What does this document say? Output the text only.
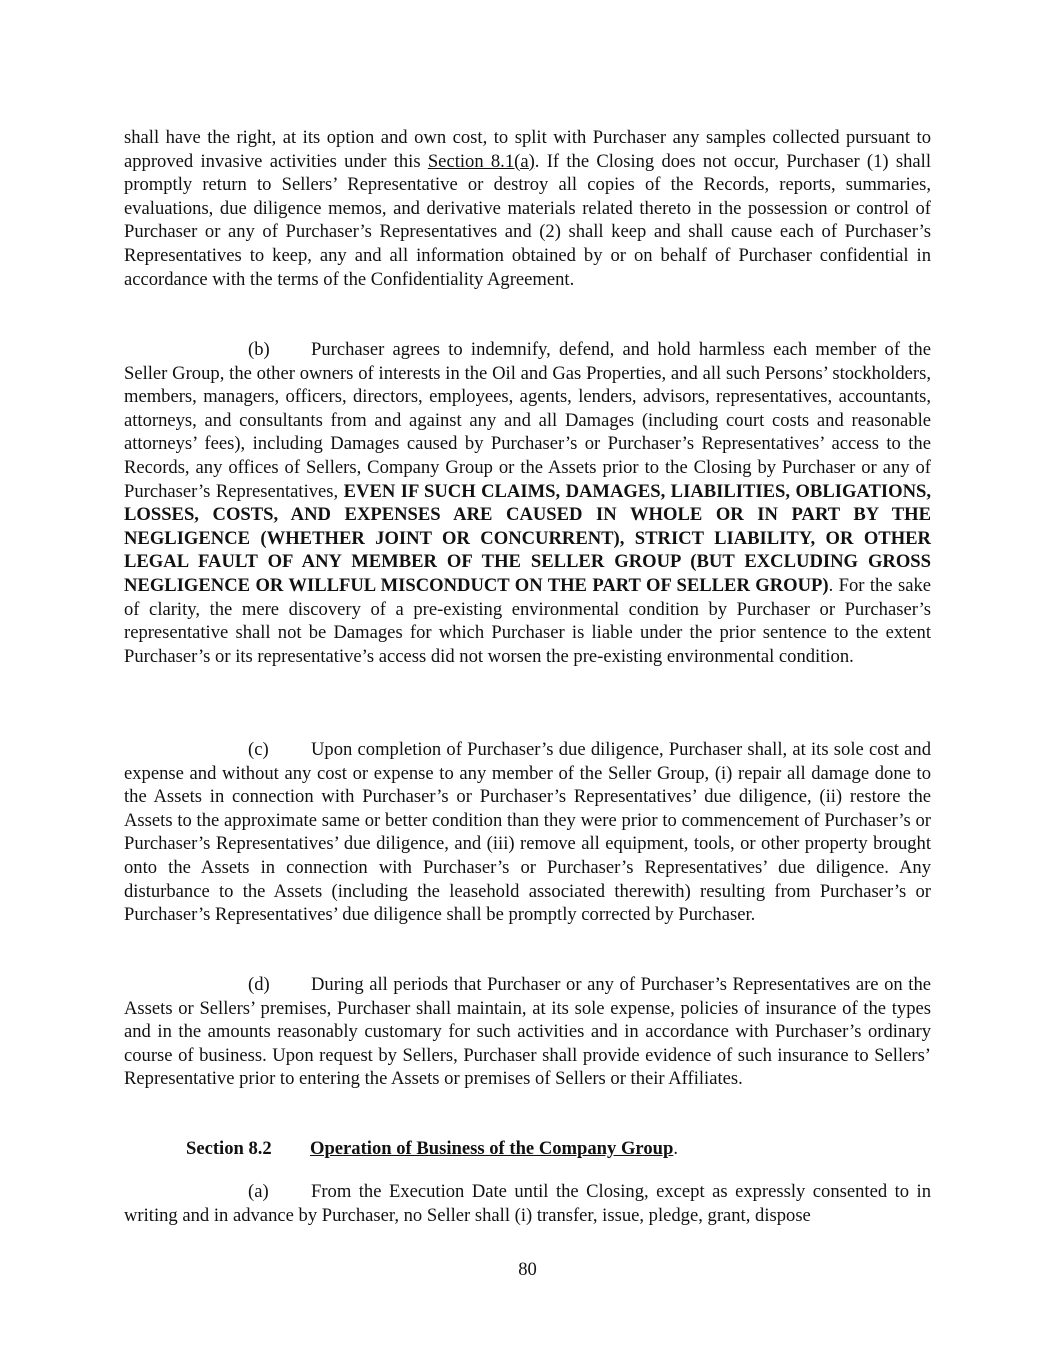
shall have the right, at its option and own cost, to split with Purchaser any samples collected pursuant to approved invasive activities under this Section 8.1(a). If the Closing does not occur, Purchaser (1) shall promptly return to Sellers’ Representative or destroy all copies of the Records, reports, summaries, evaluations, due diligence memos, and derivative materials related thereto in the possession or control of Purchaser or any of Purchaser’s Representatives and (2) shall keep and shall cause each of Purchaser’s Representatives to keep, any and all information obtained by or on behalf of Purchaser confidential in accordance with the terms of the Confidentiality Agreement.

(b) Purchaser agrees to indemnify, defend, and hold harmless each member of the Seller Group, the other owners of interests in the Oil and Gas Properties, and all such Persons’ stockholders, members, managers, officers, directors, employees, agents, lenders, advisors, representatives, accountants, attorneys, and consultants from and against any and all Damages (including court costs and reasonable attorneys’ fees), including Damages caused by Purchaser’s or Purchaser’s Representatives’ access to the Records, any offices of Sellers, Company Group or the Assets prior to the Closing by Purchaser or any of Purchaser’s Representatives, EVEN IF SUCH CLAIMS, DAMAGES, LIABILITIES, OBLIGATIONS, LOSSES, COSTS, AND EXPENSES ARE CAUSED IN WHOLE OR IN PART BY THE NEGLIGENCE (WHETHER JOINT OR CONCURRENT), STRICT LIABILITY, OR OTHER LEGAL FAULT OF ANY MEMBER OF THE SELLER GROUP (BUT EXCLUDING GROSS NEGLIGENCE OR WILLFUL MISCONDUCT ON THE PART OF SELLER GROUP). For the sake of clarity, the mere discovery of a pre-existing environmental condition by Purchaser or Purchaser’s representative shall not be Damages for which Purchaser is liable under the prior sentence to the extent Purchaser’s or its representative’s access did not worsen the pre-existing environmental condition.

(c) Upon completion of Purchaser’s due diligence, Purchaser shall, at its sole cost and expense and without any cost or expense to any member of the Seller Group, (i) repair all damage done to the Assets in connection with Purchaser’s or Purchaser’s Representatives’ due diligence, (ii) restore the Assets to the approximate same or better condition than they were prior to commencement of Purchaser’s or Purchaser’s Representatives’ due diligence, and (iii) remove all equipment, tools, or other property brought onto the Assets in connection with Purchaser’s or Purchaser’s Representatives’ due diligence. Any disturbance to the Assets (including the leasehold associated therewith) resulting from Purchaser’s or Purchaser’s Representatives’ due diligence shall be promptly corrected by Purchaser.

(d) During all periods that Purchaser or any of Purchaser’s Representatives are on the Assets or Sellers’ premises, Purchaser shall maintain, at its sole expense, policies of insurance of the types and in the amounts reasonably customary for such activities and in accordance with Purchaser’s ordinary course of business. Upon request by Sellers, Purchaser shall provide evidence of such insurance to Sellers’ Representative prior to entering the Assets or premises of Sellers or their Affiliates.

Section 8.2 Operation of Business of the Company Group.

(a) From the Execution Date until the Closing, except as expressly consented to in writing and in advance by Purchaser, no Seller shall (i) transfer, issue, pledge, grant, dispose

80
